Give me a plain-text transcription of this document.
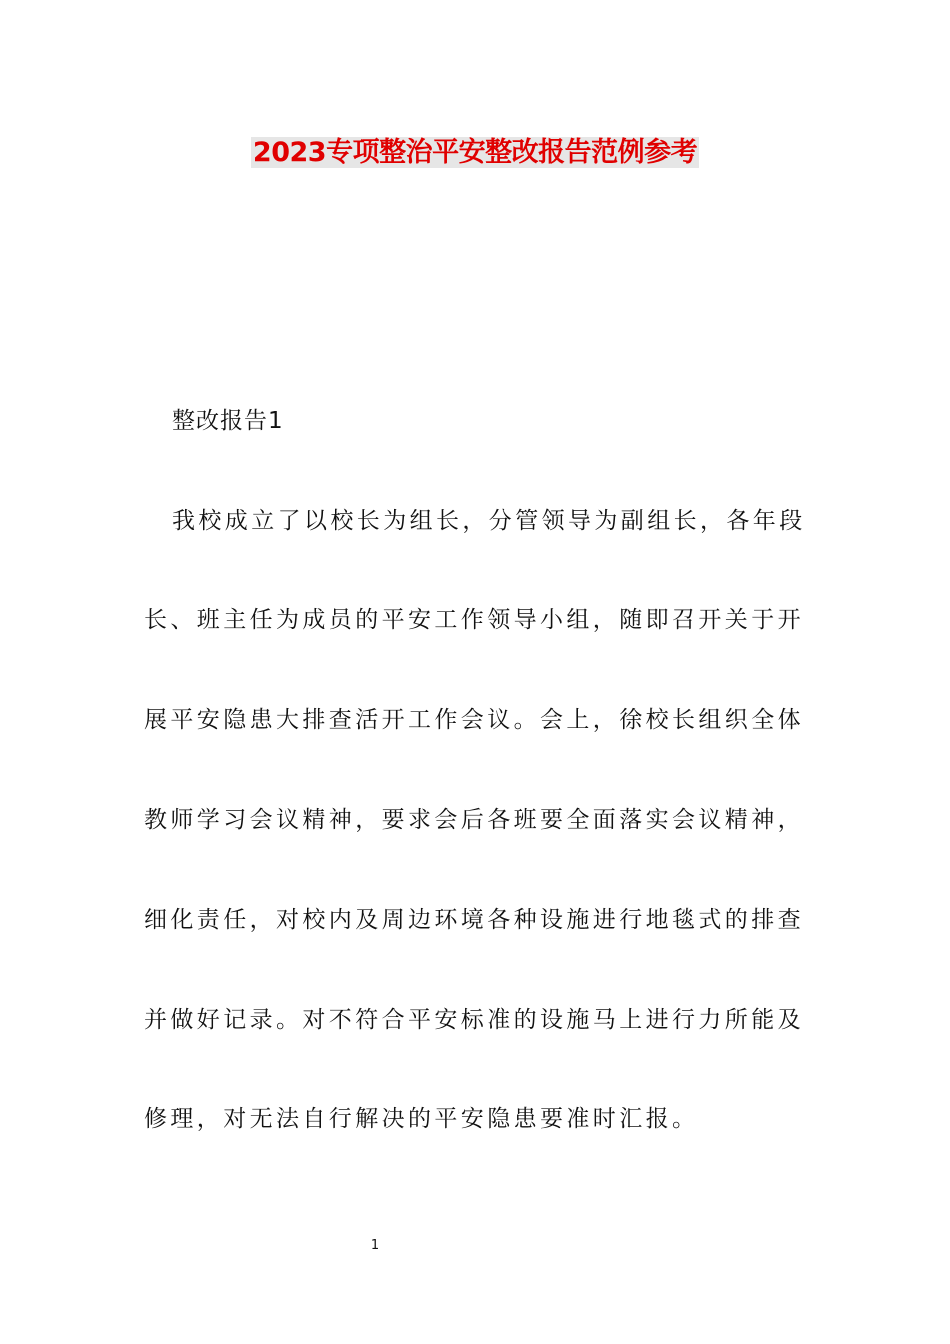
2023专项整治平安整改报告范例参考
整改报告1
我校成立了以校长为组长，分管领导为副组长，各年段
长、班主任为成员的平安工作领导小组，随即召开关于开
展平安隐患大排查活开工作会议。会上，徐校长组织全体
教师学习会议精神，要求会后各班要全面落实会议精神，
细化责任，对校内及周边环境各种设施进行地毯式的排查
并做好记录。对不符合平安标准的设施马上进行力所能及
修理，对无法自行解决的平安隐患要准时汇报。
1
